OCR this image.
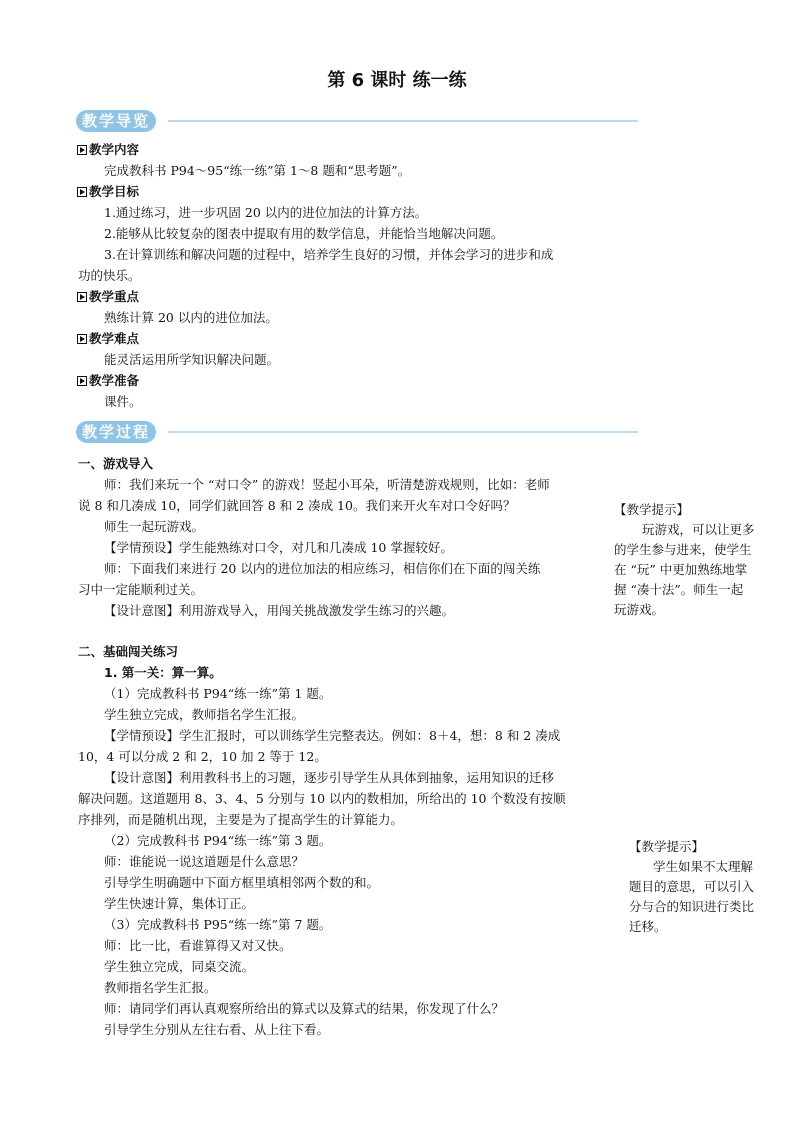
第 6 课时 练一练
教学导览
教学内容
完成教科书 P94～95“练一练”第 1～8 题和“思考题”。
教学目标
1.通过练习，进一步巩固 20 以内的进位加法的计算方法。
2.能够从比较复杂的图表中提取有用的数学信息，并能恰当地解决问题。
3.在计算训练和解决问题的过程中，培养学生良好的习惯，并体会学习的进步和成
功的快乐。
教学重点
熟练计算 20 以内的进位加法。
教学难点
能灵活运用所学知识解决问题。
教学准备
课件。
教学过程
一、游戏导入
师：我们来玩一个 “对口令” 的游戏！竖起小耳朵，听清楚游戏规则，比如：老师
说 8 和几凑成 10，同学们就回答 8 和 2 凑成 10。我们来开火车对口令好吗？
师生一起玩游戏。
【学情预设】学生能熟练对口令，对几和几凑成 10 掌握较好。
师：下面我们来进行 20 以内的进位加法的相应练习，相信你们在下面的闯关练
习中一定能顺利过关。
【设计意图】利用游戏导入，用闯关挑战激发学生练习的兴趣。
二、基础闯关练习
1. 第一关：算一算。
（1）完成教科书 P94“练一练”第 1 题。
学生独立完成，教师指名学生汇报。
【学情预设】学生汇报时，可以训练学生完整表达。例如：8＋4，想：8 和 2 凑成
10，4 可以分成 2 和 2，10 加 2 等于 12。
【设计意图】利用教科书上的习题，逐步引导学生从具体到抽象，运用知识的迁移
解决问题。这道题用 8、3、4、5 分别与 10 以内的数相加，所给出的 10 个数没有按顺
序排列，而是随机出现，主要是为了提高学生的计算能力。
（2）完成教科书 P94“练一练”第 3 题。
师：谁能说一说这道题是什么意思？
引导学生明确题中下面方框里填相邻两个数的和。
学生快速计算，集体订正。
（3）完成教科书 P95“练一练”第 7 题。
师：比一比，看谁算得又对又快。
学生独立完成，同桌交流。
教师指名学生汇报。
师：请同学们再认真观察所给出的算式以及算式的结果，你发现了什么？
引导学生分别从左往右看、从上往下看。
【教学提示】
玩游戏，可以让更多
的学生参与进来，使学生
在 “玩” 中更加熟练地掌
握 “凑十法”。师生一起
玩游戏。
【教学提示】
学生如果不太理解
题目的意思，可以引入
分与合的知识进行类比
迁移。
